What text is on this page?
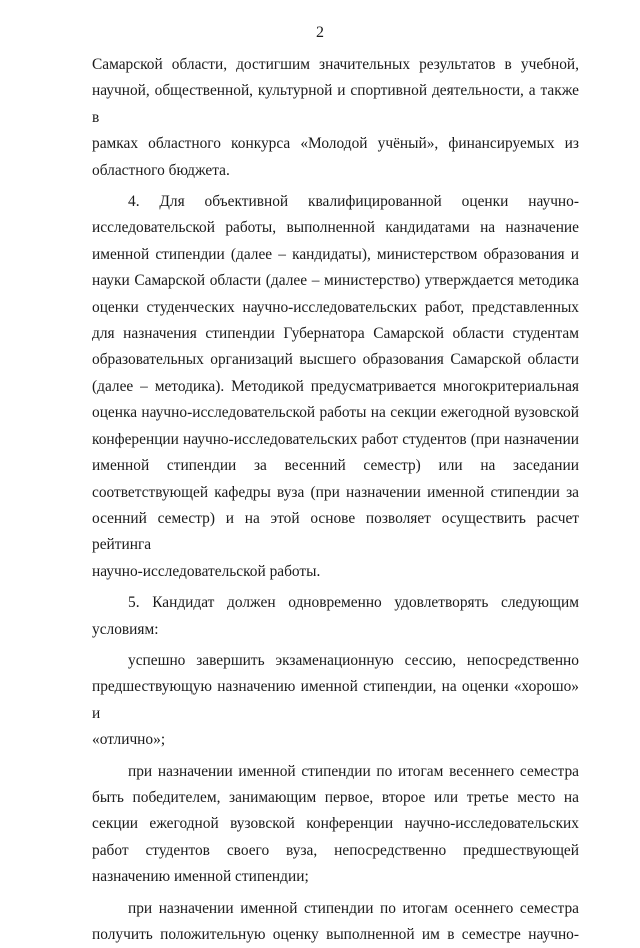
2
Самарской области, достигшим значительных результатов в учебной,
научной, общественной, культурной и спортивной деятельности, а также в
рамках областного конкурса «Молодой учёный», финансируемых из
областного бюджета.
4. Для объективной квалифицированной оценки научно-
исследовательской работы, выполненной кандидатами на назначение
именной стипендии (далее – кандидаты), министерством образования и
науки Самарской области (далее – министерство) утверждается методика
оценки студенческих научно-исследовательских работ, представленных
для назначения стипендии Губернатора Самарской области студентам
образовательных организаций высшего образования Самарской области
(далее – методика). Методикой предусматривается многокритериальная
оценка научно-исследовательской работы на секции ежегодной вузовской
конференции научно-исследовательских работ студентов (при назначении
именной стипендии за весенний семестр) или на заседании
соответствующей кафедры вуза (при назначении именной стипендии за
осенний семестр) и на этой основе позволяет осуществить расчет рейтинга
научно-исследовательской работы.
5. Кандидат должен одновременно удовлетворять следующим
условиям:
успешно завершить экзаменационную сессию, непосредственно
предшествующую назначению именной стипендии, на оценки «хорошо» и
«отлично»;
при назначении именной стипендии по итогам весеннего семестра
быть победителем, занимающим первое, второе или третье место на
секции ежегодной вузовской конференции научно-исследовательских
работ студентов своего вуза, непосредственно предшествующей
назначению именной стипендии;
при назначении именной стипендии по итогам осеннего семестра
получить положительную оценку выполненной им в семестре научно-
